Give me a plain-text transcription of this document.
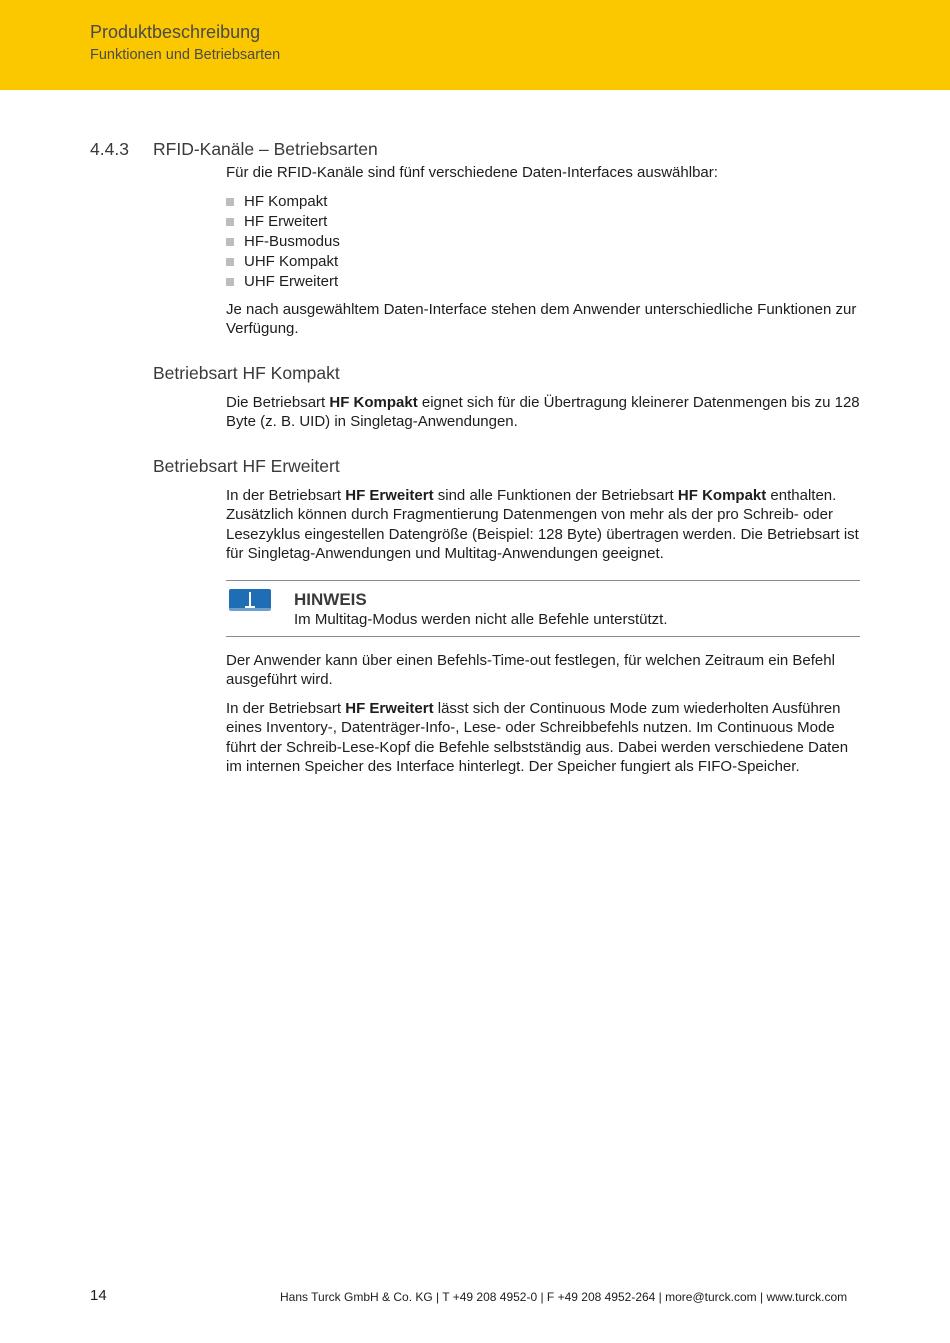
Produktbeschreibung
Funktionen und Betriebsarten
4.4.3 RFID-Kanäle – Betriebsarten
Für die RFID-Kanäle sind fünf verschiedene Daten-Interfaces auswählbar:
HF Kompakt
HF Erweitert
HF-Busmodus
UHF Kompakt
UHF Erweitert
Je nach ausgewähltem Daten-Interface stehen dem Anwender unterschiedliche Funktionen zur Verfügung.
Betriebsart HF Kompakt
Die Betriebsart HF Kompakt eignet sich für die Übertragung kleinerer Datenmengen bis zu 128 Byte (z. B. UID) in Singletag-Anwendungen.
Betriebsart HF Erweitert
In der Betriebsart HF Erweitert sind alle Funktionen der Betriebsart HF Kompakt enthalten. Zusätzlich können durch Fragmentierung Datenmengen von mehr als der pro Schreib- oder Lesezyklus eingestellen Datengröße (Beispiel: 128 Byte) übertragen werden. Die Betriebsart ist für Singletag-Anwendungen und Multitag-Anwendungen geeignet.
HINWEIS
Im Multitag-Modus werden nicht alle Befehle unterstützt.
Der Anwender kann über einen Befehls-Time-out festlegen, für welchen Zeitraum ein Befehl ausgeführt wird.
In der Betriebsart HF Erweitert lässt sich der Continuous Mode zum wiederholten Ausführen eines Inventory-, Datenträger-Info-, Lese- oder Schreibbefehls nutzen. Im Continuous Mode führt der Schreib-Lese-Kopf die Befehle selbstständig aus. Dabei werden verschiedene Daten im internen Speicher des Interface hinterlegt. Der Speicher fungiert als FIFO-Speicher.
14	Hans Turck GmbH & Co. KG | T +49 208 4952-0 | F +49 208 4952-264 | more@turck.com | www.turck.com
